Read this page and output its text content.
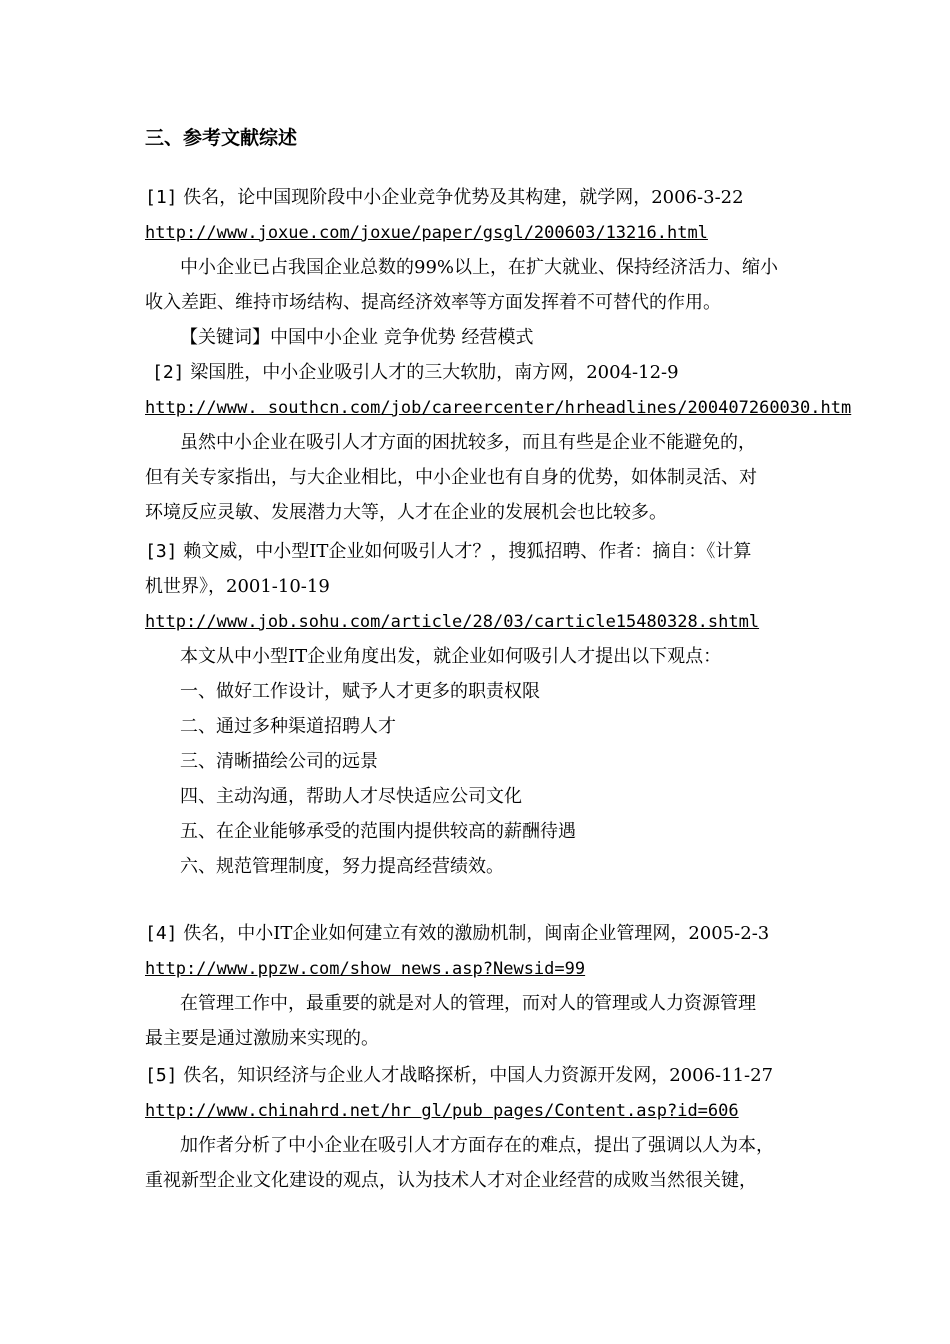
三、参考文献综述
[1] 佚名，论中国现阶段中小企业竞争优势及其构建，就学网，2006-3-22
http://www.joxue.com/joxue/paper/gsgl/200603/13216.html
中小企业已占我国企业总数的99%以上，在扩大就业、保持经济活力、缩小
收入差距、维持市场结构、提高经济效率等方面发挥着不可替代的作用。
【关键词】中国中小企业 竞争优势 经营模式
[2] 梁国胜，中小企业吸引人才的三大软肋，南方网，2004-12-9
http://www. southcn.com/job/careercenter/hrheadlines/200407260030.htm
虽然中小企业在吸引人才方面的困扰较多，而且有些是企业不能避免的，
但有关专家指出，与大企业相比，中小企业也有自身的优势，如体制灵活、对
环境反应灵敏、发展潜力大等，人才在企业的发展机会也比较多。
[3] 赖文威，中小型IT企业如何吸引人才？，搜狐招聘、作者：摘自：《计算
机世界》，2001-10-19
http://www.job.sohu.com/article/28/03/carticle15480328.shtml
本文从中小型IT企业角度出发，就企业如何吸引人才提出以下观点：
一、做好工作设计，赋予人才更多的职责权限
二、通过多种渠道招聘人才
三、清晰描绘公司的远景
四、主动沟通，帮助人才尽快适应公司文化
五、在企业能够承受的范围内提供较高的薪酬待遇
六、规范管理制度，努力提高经营绩效。
[4] 佚名，中小IT企业如何建立有效的激励机制，闽南企业管理网，2005-2-3
http://www.ppzw.com/show news.asp?Newsid=99
在管理工作中，最重要的就是对人的管理，而对人的管理或人力资源管理
最主要是通过激励来实现的。
[5] 佚名，知识经济与企业人才战略探析，中国人力资源开发网，2006-11-27
http://www.chinahrd.net/hr gl/pub pages/Content.asp?id=606
加作者分析了中小企业在吸引人才方面存在的难点，提出了强调以人为本，
重视新型企业文化建设的观点，认为技术人才对企业经营的成败当然很关键，
